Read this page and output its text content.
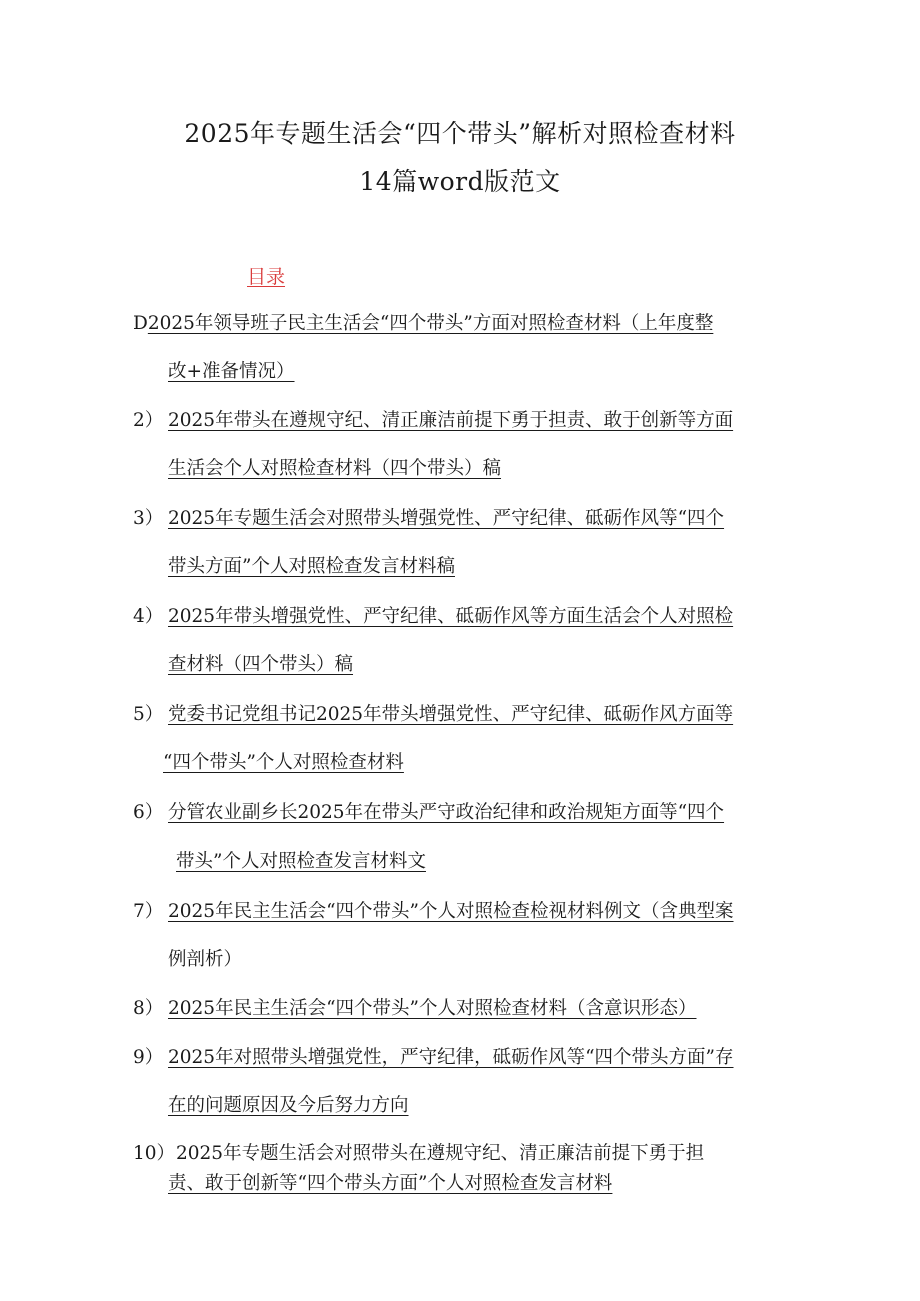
2025年专题生活会“四个带头”解析对照检查材料
14篇word版范文
目录
D2025年领导班子民主生活会“四个带头”方面对照检查材料（上年度整
改+准备情况）
2） 2025年带头在遵规守纪、清正廉洁前提下勇于担责、敢于创新等方面
生活会个人对照检查材料（四个带头）稿
3） 2025年专题生活会对照带头增强党性、严守纪律、砥砺作风等“四个
带头方面”个人对照检查发言材料稿
4） 2025年带头增强党性、严守纪律、砥砺作风等方面生活会个人对照检
查材料（四个带头）稿
5） 党委书记党组书记2025年带头增强党性、严守纪律、砥砺作风方面等
“四个带头”个人对照检查材料
6） 分管农业副乡长2025年在带头严守政治纪律和政治规矩方面等“四个
带头”个人对照检查发言材料文
7） 2025年民主生活会“四个带头”个人对照检查检视材料例文（含典型案
例剖析）
8） 2025年民主生活会“四个带头”个人对照检查材料（含意识形态）
9） 2025年对照带头增强党性，严守纪律，砥砺作风等“四个带头方面”存
在的问题原因及今后努力方向
10）2025年专题生活会对照带头在遵规守纪、清正廉洁前提下勇于担
责、敢于创新等“四个带头方面”个人对照检查发言材料
